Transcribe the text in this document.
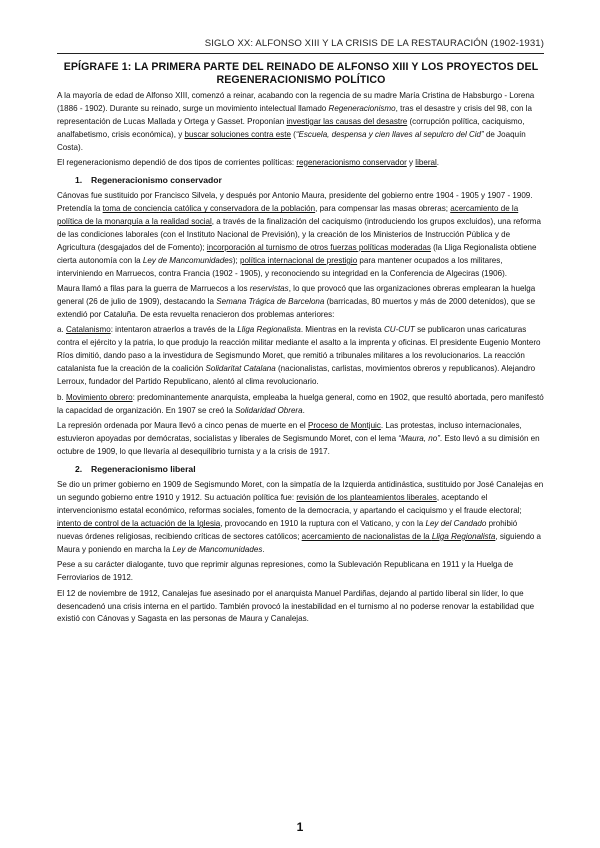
SIGLO XX: ALFONSO XIII Y LA CRISIS DE LA RESTAURACIÓN (1902-1931)
EPÍGRAFE 1: LA PRIMERA PARTE DEL REINADO DE ALFONSO XIII Y LOS PROYECTOS DEL REGENERACIONISMO POLÍTICO

A la mayoría de edad de Alfonso XIII, comenzó a reinar, acabando con la regencia de su madre María Cristina de Habsburgo - Lorena (1886 - 1902). Durante su reinado, surge un movimiento intelectual llamado Regeneracionismo, tras el desastre y crisis del 98, con la representación de Lucas Mallada y Ortega y Gasset. Proponían investigar las causas del desastre (corrupción política, caciquismo, analfabetismo, crisis económica), y buscar soluciones contra este (“Escuela, despensa y cien llaves al sepulcro del Cid” de Joaquín Costa).

El regeneracionismo dependió de dos tipos de corrientes políticas: regeneracionismo conservador y liberal.

1. Regeneracionismo conservador

Cánovas fue sustituido por Francisco Silvela, y después por Antonio Maura, presidente del gobierno entre 1904 - 1905 y 1907 - 1909. Pretendía la toma de conciencia católica y conservadora de la población, para compensar las masas obreras; acercamiento de la política de la monarquía a la realidad social, a través de la finalización del caciquismo (introduciendo los grupos excluidos), una reforma de las condiciones laborales (con el Instituto Nacional de Previsión), y la creación de los Ministerios de Instrucción Pública y de Agricultura (desgajados del de Fomento); incorporación al turnismo de otros fuerzas políticas moderadas (la Lliga Regionalista obtiene cierta autonomía con la Ley de Mancomunidades); política internacional de prestigio para mantener ocupados a los militares, interviniendo en Marruecos, contra Francia (1902 - 1905), y reconociendo su integridad en la Conferencia de Algeciras (1906).

Maura llamó a filas para la guerra de Marruecos a los reservistas, lo que provocó que las organizaciones obreras emplearan la huelga general (26 de julio de 1909), destacando la Semana Trágica de Barcelona (barricadas, 80 muertos y más de 2000 detenidos), que se extendió por Cataluña. De esta revuelta renacieron dos problemas anteriores:

a. Catalanismo: intentaron atraerlos a través de la Lliga Regionalista. Mientras en la revista CU-CUT se publicaron unas caricaturas contra el ejército y la patria, lo que produjo la reacción militar mediante el asalto a la imprenta y oficinas. El presidente Eugenio Montero Ríos dimitió, dando paso a la investidura de Segismundo Moret, que remitió a tribunales militares a los revolucionarios. La reacción catalanista fue la creación de la coalición Solidaritat Catalana (nacionalistas, carlistas, movimientos obreros y republicanos). Alejandro Lerroux, fundador del Partido Republicano, alentó al clima revolucionario.

b. Movimiento obrero: predominantemente anarquista, empleaba la huelga general, como en 1902, que resultó abortada, pero manifestó la capacidad de organización. En 1907 se creó la Solidaridad Obrera.

La represión ordenada por Maura llevó a cinco penas de muerte en el Proceso de Montjuic. Las protestas, incluso internacionales, estuvieron apoyadas por demócratas, socialistas y liberales de Segismundo Moret, con el lema “Maura, no”. Esto llevó a su dimisión en octubre de 1909, lo que llevaría al desequilibrio turnista y a la crisis de 1917.

2. Regeneracionismo liberal

Se dio un primer gobierno en 1909 de Segismundo Moret, con la simpatía de la Izquierda antidinástica, sustituido por José Canalejas en un segundo gobierno entre 1910 y 1912. Su actuación política fue: revisión de los planteamientos liberales, aceptando el intervencionismo estatal económico, reformas sociales, fomento de la democracia, y apartando el caciquismo y el fraude electoral; intento de control de la actuación de la Iglesia, provocando en 1910 la ruptura con el Vaticano, y con la Ley del Candado prohibió nuevas órdenes religiosas, recibiendo críticas de sectores católicos; acercamiento de nacionalistas de la Lliga Regionalista, siguiendo a Maura y poniendo en marcha la Ley de Mancomunidades.

Pese a su carácter dialogante, tuvo que reprimir algunas represiones, como la Sublevación Republicana en 1911 y la Huelga de Ferroviarios de 1912.

El 12 de noviembre de 1912, Canalejas fue asesinado por el anarquista Manuel Pardiñas, dejando al partido liberal sin líder, lo que desencadenó una crisis interna en el partido. También provocó la inestabilidad en el turnismo al no poderse renovar la estabilidad que existió con Cánovas y Sagasta en las personas de Maura y Canalejas.

1
